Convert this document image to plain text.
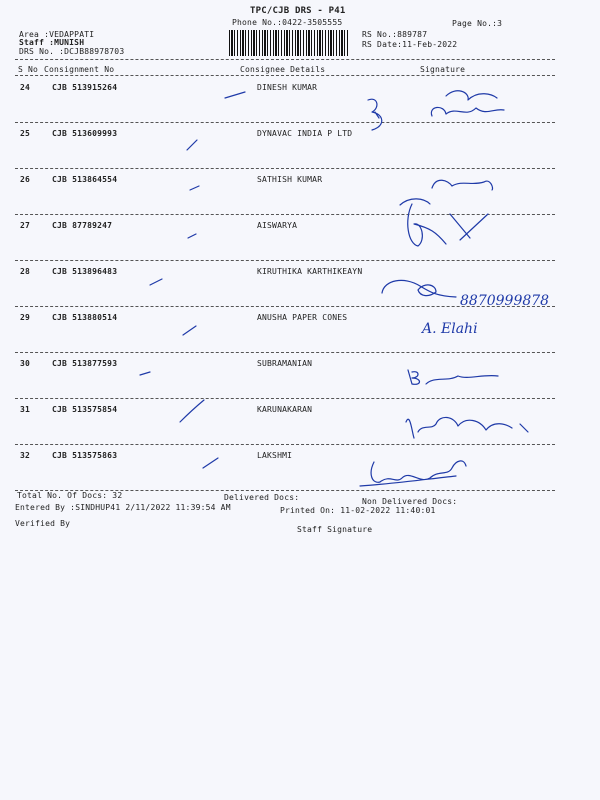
TPC/CJB DRS - P41
Phone No.:0422-3505555	Page No.:3
Area :VEDAPPATI
Staff :MUNISH
DRS No. :DCJB88978703
RS No.:889787
RS Date:11-Feb-2022
S No Consignment No	Consignee Details	Signature
24	CJB 513915264	DINESH KUMAR
25	CJB 513609993	DYNAVAC INDIA P LTD
26	CJB 513864554	SATHISH KUMAR
27	CJB 87789247	AISWARYA
28	CJB 513896483	KIRUTHIKA KARTHIKEAYN
29	CJB 513880514	ANUSHA PAPER CONES
30	CJB 513877593	SUBRAMANIAN
31	CJB 513575854	KARUNAKARAN
32	CJB 513575863	LAKSHMI
Total No. Of Docs: 32	Delivered Docs:	Non Delivered Docs:
Entered By :SINDHUP41 2/11/2022 11:39:54 AM	Printed On: 11-02-2022 11:40:01
Verified By
Staff Signature
8870999878
A. Elahi
